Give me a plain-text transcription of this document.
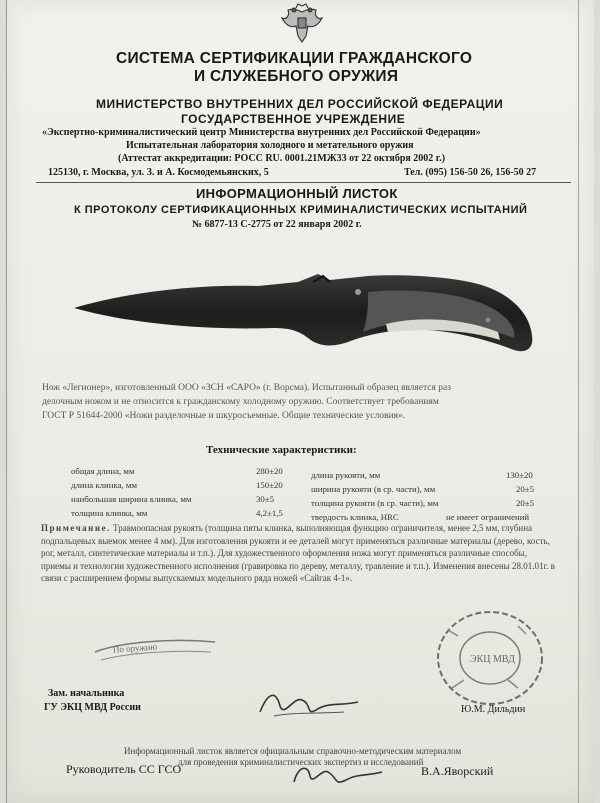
СИСТЕМА СЕРТИФИКАЦИИ ГРАЖДАНСКОГО
И СЛУЖЕБНОГО ОРУЖИЯ
МИНИСТЕРСТВО ВНУТРЕННИХ ДЕЛ РОССИЙСКОЙ ФЕДЕРАЦИИ
ГОСУДАРСТВЕННОЕ УЧРЕЖДЕНИЕ
«Экспертно-криминалистический центр Министерства внутренних дел Российской Федерации»
Испытательная лаборатория холодного и метательного оружия
(Аттестат аккредитации: РОСС RU. 0001.21МЖ33 от 22 октября 2002 г.)
125130, г. Москва, ул. З. и А. Космодемьянских, 5	Тел. (095) 156-50 26, 156-50 27
ИНФОРМАЦИОННЫЙ ЛИСТОК
К ПРОТОКОЛУ СЕРТИФИКАЦИОННЫХ КРИМИНАЛИСТИЧЕСКИХ ИСПЫТАНИЙ
№ 6877-13 С-2775 от 22 января 2002 г.
Нож «Легионер», изготовленный ООО «ЗСН «САРО» (г. Ворсма). Испытанный образец является раз
делочным ножом и не относится к гражданскому холодному оружию. Соответствует требованиям
ГОСТ Р 51644-2000 «Ножи разделочные и шкуросъемные. Общие технические условия».
Технические характеристики:
общая длина, мм	280±20
длина клинка, мм	150±20
наибольшая ширина клинка, мм	30±5
толщина клинка, мм	4,2±1,5
длина рукояти, мм	130±20
ширина рукояти (в ср. части), мм	20±5
толщина рукояти (в ср. части), мм	20±5
твердость клинка, HRC	не имеет ограничений
Примечание. Травмоопасная рукоять (толщина пяты клинка, выполняющая функцию ограничителя, менее 2,5 мм, глубина подпальцевых выемок менее 4 мм). Для изготовления рукояти и ее деталей могут применяться различные материалы (дерево, кость, рог, металл, синтетические материалы и т.п.). Для художественного оформления ножа могут применяться различные способы, приемы и технологии художественного исполнения (гравировка по дереву, металлу, травление и т.п.). Изменения внесены 28.01.01г. в связи с расширением формы выпускаемых модельного ряда ножей «Сайгак 4-1».
По оружию
ЭКЦ МВД
Зам. начальника
ГУ ЭКЦ МВД России	Ю.М. Дильдин
Информационный листок является официальным справочно-методическим материалом
для проведения криминалистических экспертиз и исследований
Руководитель СС ГСО	В.А.Яворский
